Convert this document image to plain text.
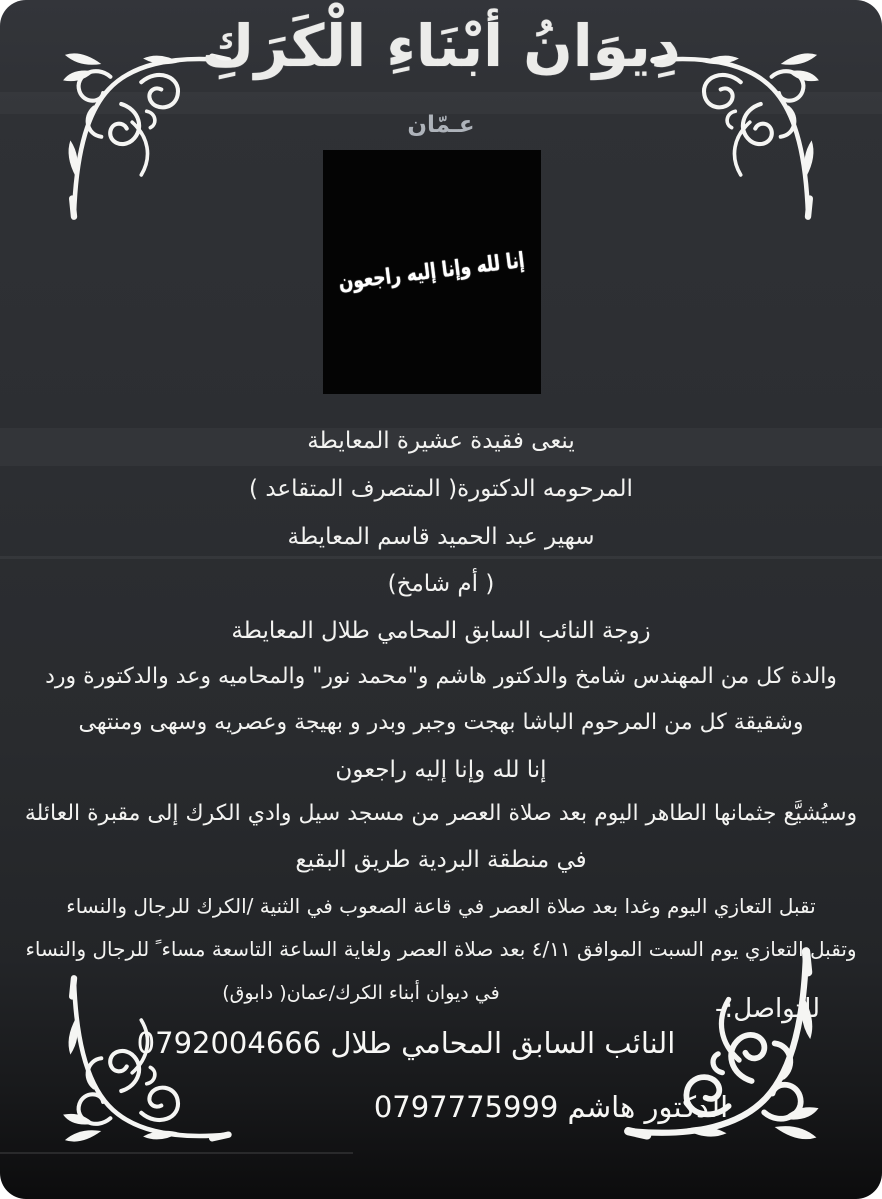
دِيوَانُ أبْنَاءِ الْكَرَكِ
عـمّان
إنا لله وإنا إليه راجعون
ينعى فقيدة عشيرة المعايطة
المرحومه الدكتورة( المتصرف المتقاعد )
سهير عبد الحميد قاسم المعايطة
( أم شامخ)
زوجة النائب السابق المحامي طلال المعايطة
والدة كل من المهندس شامخ والدكتور هاشم و"محمد نور" والمحاميه وعد والدكتورة ورد
وشقيقة كل من المرحوم الباشا بهجت وجبر وبدر و بهيجة وعصريه وسهى ومنتهى
إنا لله وإنا إليه راجعون
وسيُشيَّع جثمانها الطاهر اليوم بعد صلاة العصر من مسجد سيل وادي الكرك إلى مقبرة العائلة
في منطقة البردية طريق البقيع
تقبل التعازي اليوم وغدا بعد صلاة العصر في قاعة الصعوب في الثنية /الكرك للرجال والنساء
وتقبل التعازي يوم السبت الموافق ٤/١١ بعد صلاة العصر ولغاية الساعة التاسعة مساء ً للرجال والنساء
في ديوان أبناء الكرك/عمان( دابوق)
للتواصل:-
النائب السابق المحامي طلال 0792004666
الدكتور هاشم 0797775999
